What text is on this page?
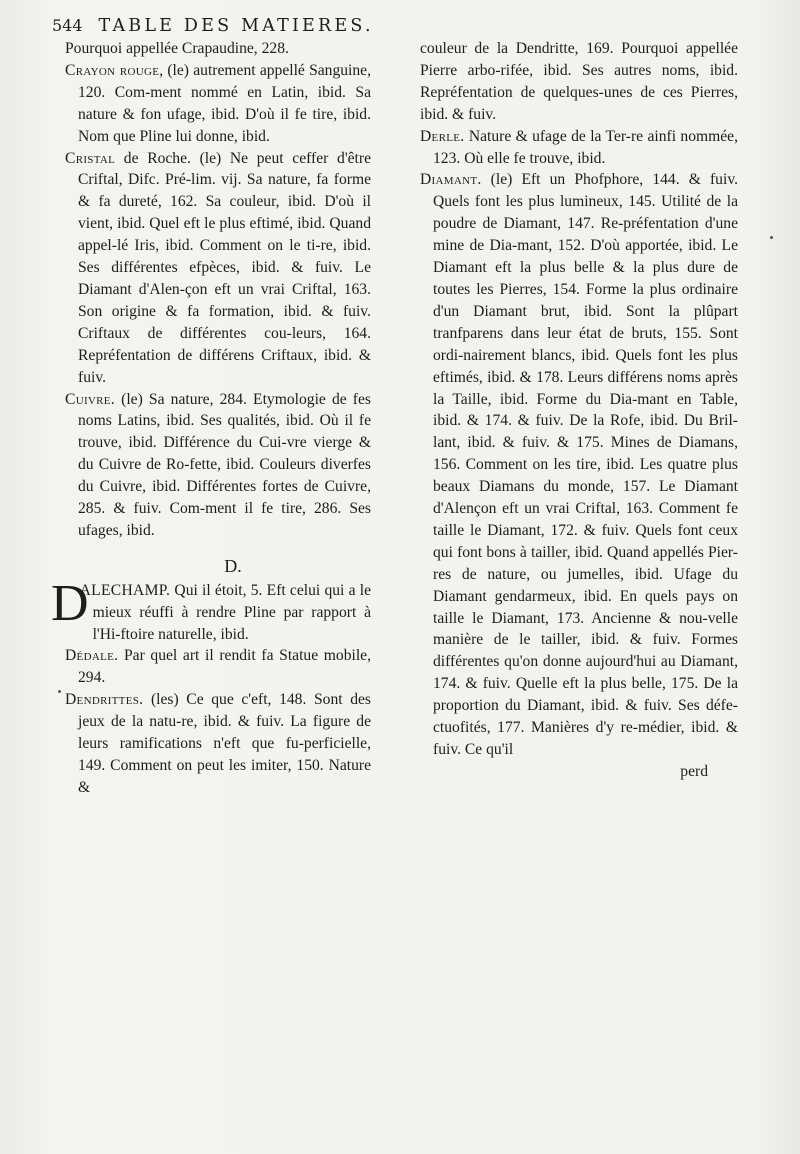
544 TABLE DES MATIERES.

Pourquoi appellée Crapaudine, 228.

Crayon rouge, (le) autrement appellé Sanguine, 120. Com-ment nommé en Latin, ibid. Sa nature & fon ufage, ibid. D'où il fe tire, ibid. Nom que Pline lui donne, ibid.

Cristal de Roche. (le) Ne peut ceffer d'être Criftal, Difc. Pré-lim. vij. Sa nature, fa forme & fa dureté, 162. Sa couleur, ibid. D'où il vient, ibid. Quel eft le plus eftimé, ibid. Quand appel-lé Iris, ibid. Comment on le ti-re, ibid. Ses différentes efpèces, ibid. & fuiv. Le Diamant d'Alen-çon eft un vrai Criftal, 163. Son origine & fa formation, ibid. & fuiv. Criftaux de différentes cou-leurs, 164. Repréfentation de différens Criftaux, ibid. & fuiv.

Cuivre. (le) Sa nature, 284. Etymologie de fes noms Latins, ibid. Ses qualités, ibid. Où il fe trouve, ibid. Différence du Cui-vre vierge & du Cuivre de Ro-fette, ibid. Couleurs diverfes du Cuivre, ibid. Différentes fortes de Cuivre, 285. & fuiv. Com-ment il fe tire, 286. Ses ufages, ibid.

D.

D
ALECHAMP. Qui il étoit, 5. Eft celui qui a le mieux réuffi à rendre Pline par rapport à l'Hi-ftoire naturelle, ibid.

Dédale. Par quel art il rendit fa Statue mobile, 294.

Dendrittes. (les) Ce que c'eft, 148. Sont des jeux de la natu-re, ibid. & fuiv. La figure de leurs ramifications n'eft que fu-perficielle, 149. Comment on peut les imiter, 150. Nature &

couleur de la Dendritte, 169. Pourquoi appellée Pierre arbo-rifée, ibid. Ses autres noms, ibid. Repréfentation de quelques-unes de ces Pierres, ibid. & fuiv.

Derle. Nature & ufage de la Ter-re ainfi nommée, 123. Où elle fe trouve, ibid.

Diamant. (le) Eft un Phofphore, 144. & fuiv. Quels font les plus lumineux, 145. Utilité de la poudre de Diamant, 147. Re-préfentation d'une mine de Dia-mant, 152. D'où apportée, ibid. Le Diamant eft la plus belle & la plus dure de toutes les Pierres, 154. Forme la plus ordinaire d'un Diamant brut, ibid. Sont la plûpart tranfparens dans leur état de bruts, 155. Sont ordi-nairement blancs, ibid. Quels font les plus eftimés, ibid. & 178. Leurs différens noms après la Taille, ibid. Forme du Dia-mant en Table, ibid. & 174. & fuiv. De la Rofe, ibid. Du Bril-lant, ibid. & fuiv. & 175. Mines de Diamans, 156. Comment on les tire, ibid. Les quatre plus beaux Diamans du monde, 157. Le Diamant d'Alençon eft un vrai Criftal, 163. Comment fe taille le Diamant, 172. & fuiv. Quels font ceux qui font bons à tailler, ibid. Quand appellés Pier-res de nature, ou jumelles, ibid. Ufage du Diamant gendarmeux, ibid. En quels pays on taille le Diamant, 173. Ancienne & nou-velle manière de le tailler, ibid. & fuiv. Formes différentes qu'on donne aujourd'hui au Diamant, 174. & fuiv. Quelle eft la plus belle, 175. De la proportion du Diamant, ibid. & fuiv. Ses défe-ctuofités, 177. Manières d'y re-médier, ibid. & fuiv. Ce qu'il

perd
